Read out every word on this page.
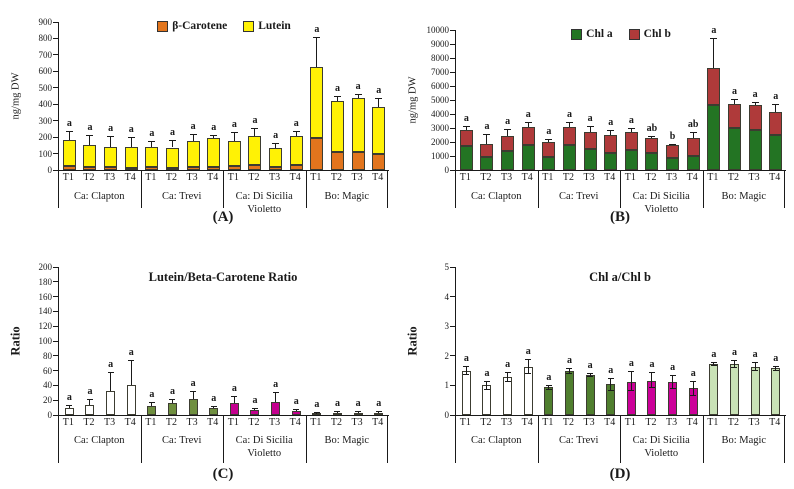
ng/mg DW
0
100
200
300
400
500
600
700
800
900	β-Carotene	Lutein
a	a	a	a	a	a
a	a	a	a
a
a
a
a	a	a
T1 T2 T3 T4 T1 T2 T3 T4 T1 T2 T3 T4 T1 T2 T3 T4
Ca: Clapton	Ca: Trevi	Ca: Di Sicilia Violetto
Bo: Magic
(A)
ng/mg DW
0
1000
2000
3000
4000
5000
6000
7000
8000
9000
10000	Chl a	Chl b
a
a	a
a
a
a	a	a	a
ab
b
ab
a
a	a	a
T1 T2 T3 T4 T1 T2 T3 T4 T1 T2 T3 T4 T1 T2 T3 T4
Ca: Clapton	Ca: Trevi	Ca: Di Sicilia Violetto
Bo: Magic
(B)
Ratio
Lutein/Beta-Carotene Ratio
0
20
40
60
80
100
120
140
160
180
200
a
a
a
a
a	a
a
a
a
a
a
a	a	a	a	a
T1 T2 T3 T4 T1 T2 T3 T4 T1 T2 T3 T4 T1 T2 T3 T4
Ca: Clapton	Ca: Trevi	Ca: Di Sicilia
Violetto
Bo: Magic
(C)
Ratio
Chl a/Chl b
0
1
2
3
4
5
a
a
a
a
a
a	a	a
a	a	a
a
a	a	a	a
T1 T2 T3 T4 T1 T2 T3 T4 T1 T2 T3 T4 T1 T2 T3 T4
Ca: Clapton	Ca: Trevi	Ca: Di Sicilia
Violetto
Bo: Magic
(D)
